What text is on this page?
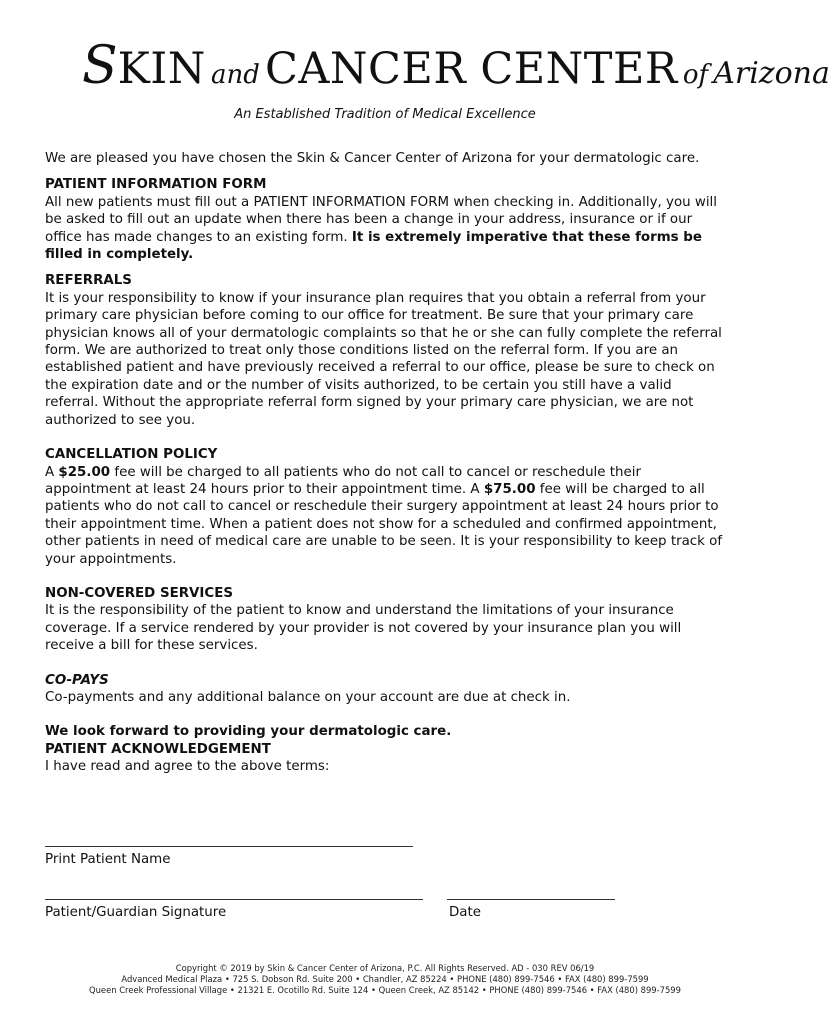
SKIN and CANCER CENTER of Arizona
An Established Tradition of Medical Excellence

We are pleased you have chosen the Skin & Cancer Center of Arizona for your dermatologic care.

PATIENT INFORMATION FORM

All new patients must fill out a PATIENT INFORMATION FORM when checking in. Additionally, you will be asked to fill out an update when there has been a change in your address, insurance or if our office has made changes to an existing form. It is extremely imperative that these forms be filled in completely.

REFERRALS

It is your responsibility to know if your insurance plan requires that you obtain a referral from your primary care physician before coming to our office for treatment. Be sure that your primary care physician knows all of your dermatologic complaints so that he or she can fully complete the referral form. We are authorized to treat only those conditions listed on the referral form. If you are an established patient and have previously received a referral to our office, please be sure to check on the expiration date and or the number of visits authorized, to be certain you still have a valid referral. Without the appropriate referral form signed by your primary care physician, we are not authorized to see you.

CANCELLATION POLICY

A $25.00 fee will be charged to all patients who do not call to cancel or reschedule their appointment at least 24 hours prior to their appointment time. A $75.00 fee will be charged to all patients who do not call to cancel or reschedule their surgery appointment at least 24 hours prior to their appointment time. When a patient does not show for a scheduled and confirmed appointment, other patients in need of medical care are unable to be seen. It is your responsibility to keep track of your appointments.

NON-COVERED SERVICES

It is the responsibility of the patient to know and understand the limitations of your insurance coverage. If a service rendered by your provider is not covered by your insurance plan you will receive a bill for these services.

CO-PAYS

Co-payments and any additional balance on your account are due at check in.

We look forward to providing your dermatologic care.

PATIENT ACKNOWLEDGEMENT

I have read and agree to the above terms:

Print Patient Name
Patient/Guardian Signature	Date

Copyright © 2019 by Skin & Cancer Center of Arizona, P.C. All Rights Reserved. AD - 030 REV 06/19

Advanced Medical Plaza • 725 S. Dobson Rd. Suite 200 • Chandler, AZ 85224 • PHONE (480) 899-7546 • FAX (480) 899-7599

Queen Creek Professional Village • 21321 E. Ocotillo Rd. Suite 124 • Queen Creek, AZ 85142 • PHONE (480) 899-7546 • FAX (480) 899-7599
